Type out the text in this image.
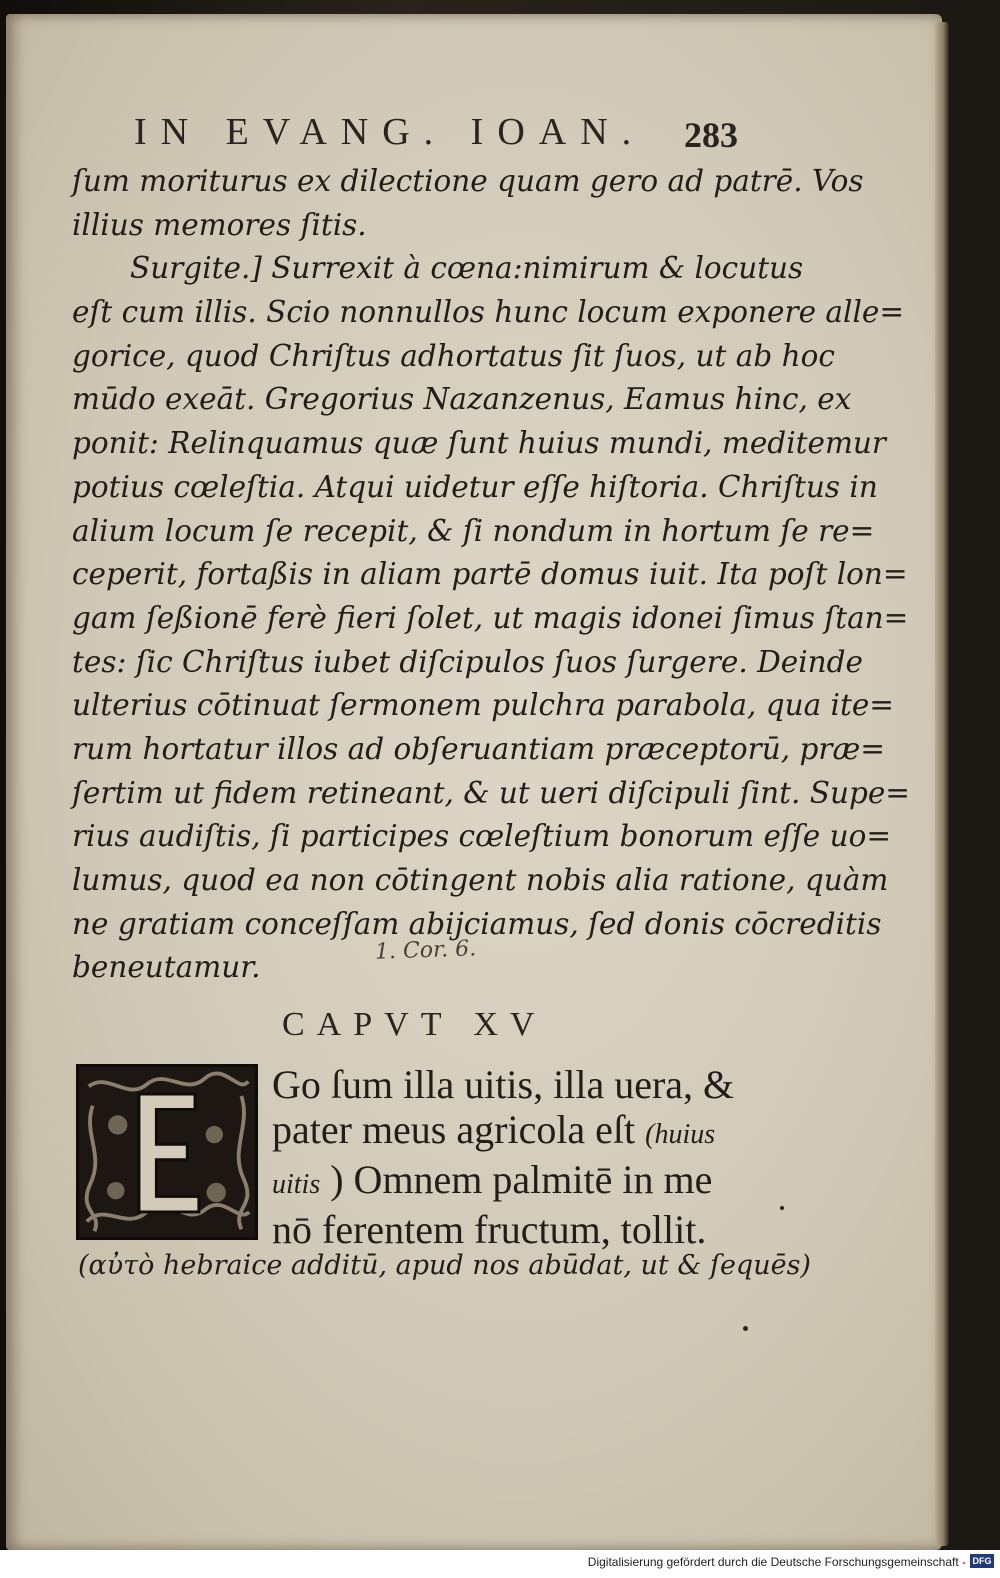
IN EVANG. IOAN. 283
ſum moriturus ex dilectione quam gero ad patrē. Vos
illius memores ſitis.
Surgite.] Surrexit à cœna:nimirum & locutus
eſt cum illis. Scio nonnullos hunc locum exponere alle=
gorice, quod Chriſtus adhortatus ſit ſuos, ut ab hoc
mūdo exeāt. Gregorius Nazanzenus, Eamus hinc, ex
ponit: Relinquamus quæ ſunt huius mundi, meditemur
potius cœleſtia. Atqui uidetur eſſe hiſtoria. Chriſtus in
alium locum ſe recepit, & ſi nondum in hortum ſe re=
ceperit, fortaßis in aliam partē domus iuit. Ita poſt lon=
gam ſeßionē ferè fieri ſolet, ut magis idonei ſimus ſtan=
tes: ſic Chriſtus iubet diſcipulos ſuos ſurgere. Deinde
ulterius cōtinuat ſermonem pulchra parabola, qua ite=
rum hortatur illos ad obſeruantiam præceptorū, præ=
ſertim ut fidem retineant, & ut ueri diſcipuli ſint. Supe=
rius audiſtis, ſi participes cœleſtium bonorum eſſe uo=
lumus, quod ea non cōtingent nobis alia ratione, quàm
ne gratiam conceſſam abijciamus, ſed donis cōcreditis
beneutamur.	1. Cor. 6.
CAPVT XV
Go ſum illa uitis, illa uera, &
pater meus agricola eſt (huius
uitis ) Omnem palmitē in me
nō ferentem fructum, tollit.
(αὐτὸ hebraice additū, apud nos abūdat, ut & ſequēs)
Digitalisierung gefördert durch die Deutsche Forschungsgemeinschaft - DFG
